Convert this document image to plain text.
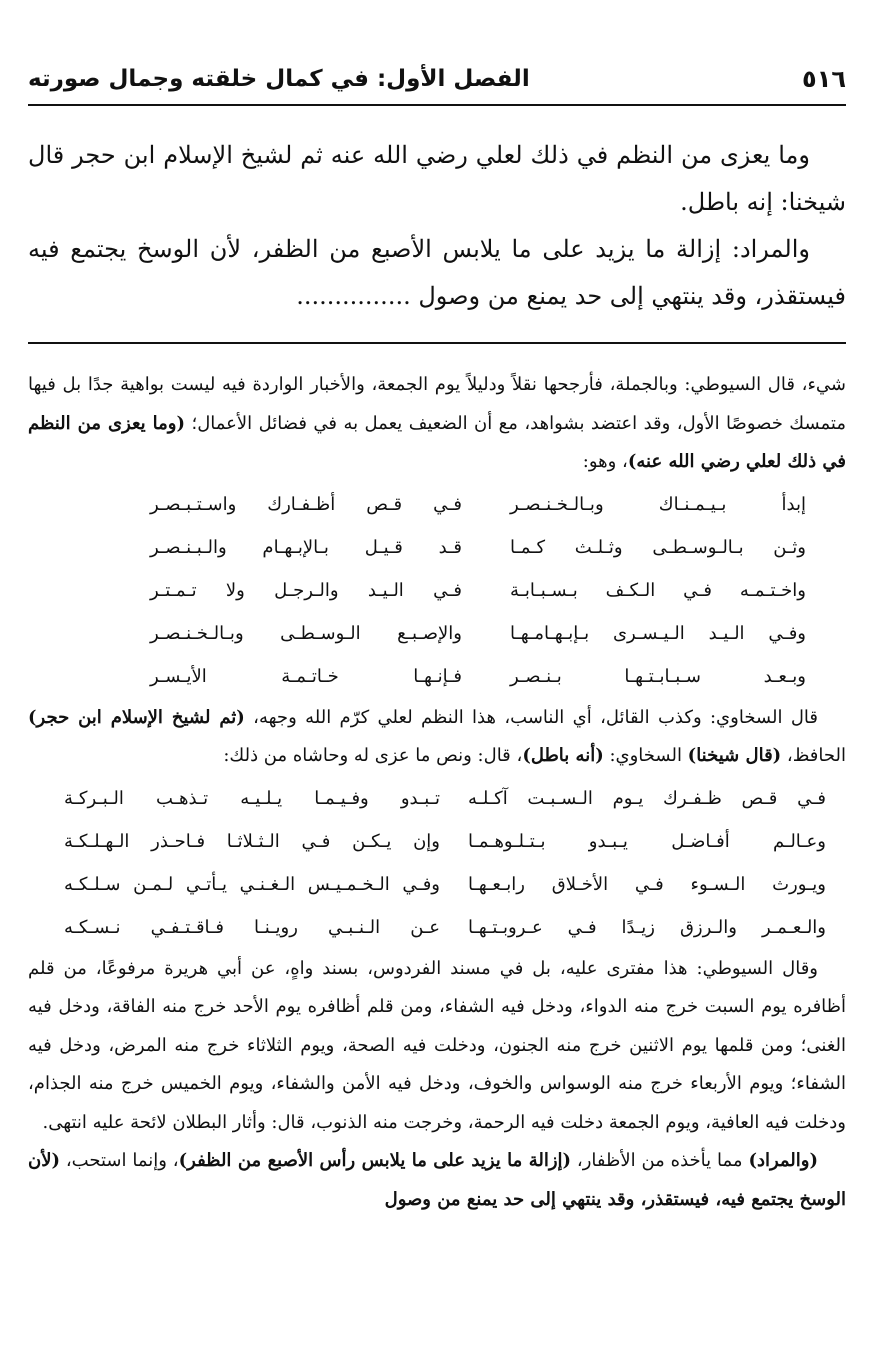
٥١٦
الفصل الأول: في كمال خلقته وجمال صورته

وما يعزى من النظم في ذلك لعلي رضي الله عنه ثم لشيخ الإسلام ابن حجر قال شيخنا: إنه باطل.

والمراد: إزالة ما يزيد على ما يلابس الأصبع من الظفر، لأن الوسخ يجتمع فيه فيستقذر، وقد ينتهي إلى حد يمنع من وصول ...............

شيء، قال السيوطي: وبالجملة، فأرجحها نقلاً ودليلاً يوم الجمعة، والأخبار الواردة فيه ليست بواهية جدًا بل فيها متمسك خصوصًا الأول، وقد اعتضد بشواهد، مع أن الضعيف يعمل به في فضائل الأعمال؛ (وما يعزى من النظم في ذلك لعلي رضي الله عنه)، وهو:

إبدأ بـيـمـنـاك وبـالـخـنـصـر
فـي قـص أظـفـارك واسـتـبـصـر
وثـن بـالـوسـطـى وثـلـث كـمـا
قـد قـيـل بـالإبـهـام والـبـنـصـر
واخـتـمـه فـي الـكـف بـسـبـابـة
فـي الـيـد والـرجـل ولا تـمـتـر
وفـي الـيـد الـيـسـرى بـإبـهـامـهـا
والإصـبـع الـوسـطـى وبـالـخـنـصـر
وبـعـد سـبـابـتـهـا بـنـصـر
فـإنـهـا خـاتـمـة الأيـسـر

قال السخاوي: وكذب القائل، أي الناسب، هذا النظم لعلي كرّم الله وجهه، (ثم لشيخ الإسلام ابن حجر) الحافظ، (قال شيخنا) السخاوي: (أنه باطل)، قال: ونص ما عزى له وحاشاه من ذلك:

فـي قـص ظـفـرك يـوم الـسـبـت آكـلـه
تـبـدو وفـيـمـا يـلـيـه تـذهـب الـبـركـة
وعـالـم أفـاضـل يـبـدو بـتـلـوهـمـا
وإن يـكـن فـي الـثـلاثـا فـاحـذر الـهـلـكـة
ويـورث الـسـوء فـي الأخـلاق رابـعـهـا
وفـي الـخـمـيـس الـغـنـي يـأتـي لـمـن سـلـكـه
والـعـمـر والـرزق زيـدًا فـي عـروبـتـهـا
عـن الـنـبـي رويـنـا فـاقـتـفـي نـسـكـه

وقال السيوطي: هذا مفترى عليه، بل في مسند الفردوس، بسند واهٍ، عن أبي هريرة مرفوعًا، من قلم أظافره يوم السبت خرج منه الدواء، ودخل فيه الشفاء، ومن قلم أظافره يوم الأحد خرج منه الفاقة، ودخل فيه الغنى؛ ومن قلمها يوم الاثنين خرج منه الجنون، ودخلت فيه الصحة، ويوم الثلاثاء خرج منه المرض، ودخل فيه الشفاء؛ ويوم الأربعاء خرج منه الوسواس والخوف، ودخل فيه الأمن والشفاء، ويوم الخميس خرج منه الجذام، ودخلت فيه العافية، ويوم الجمعة دخلت فيه الرحمة، وخرجت منه الذنوب، قال: وأثار البطلان لائحة عليه انتهى.

(والمراد) مما يأخذه من الأظفار، (إزالة ما يزيد على ما يلابس رأس الأصبع من الظفر)، وإنما استحب، (لأن الوسخ يجتمع فيه، فيستقذر، وقد ينتهي إلى حد يمنع من وصول
